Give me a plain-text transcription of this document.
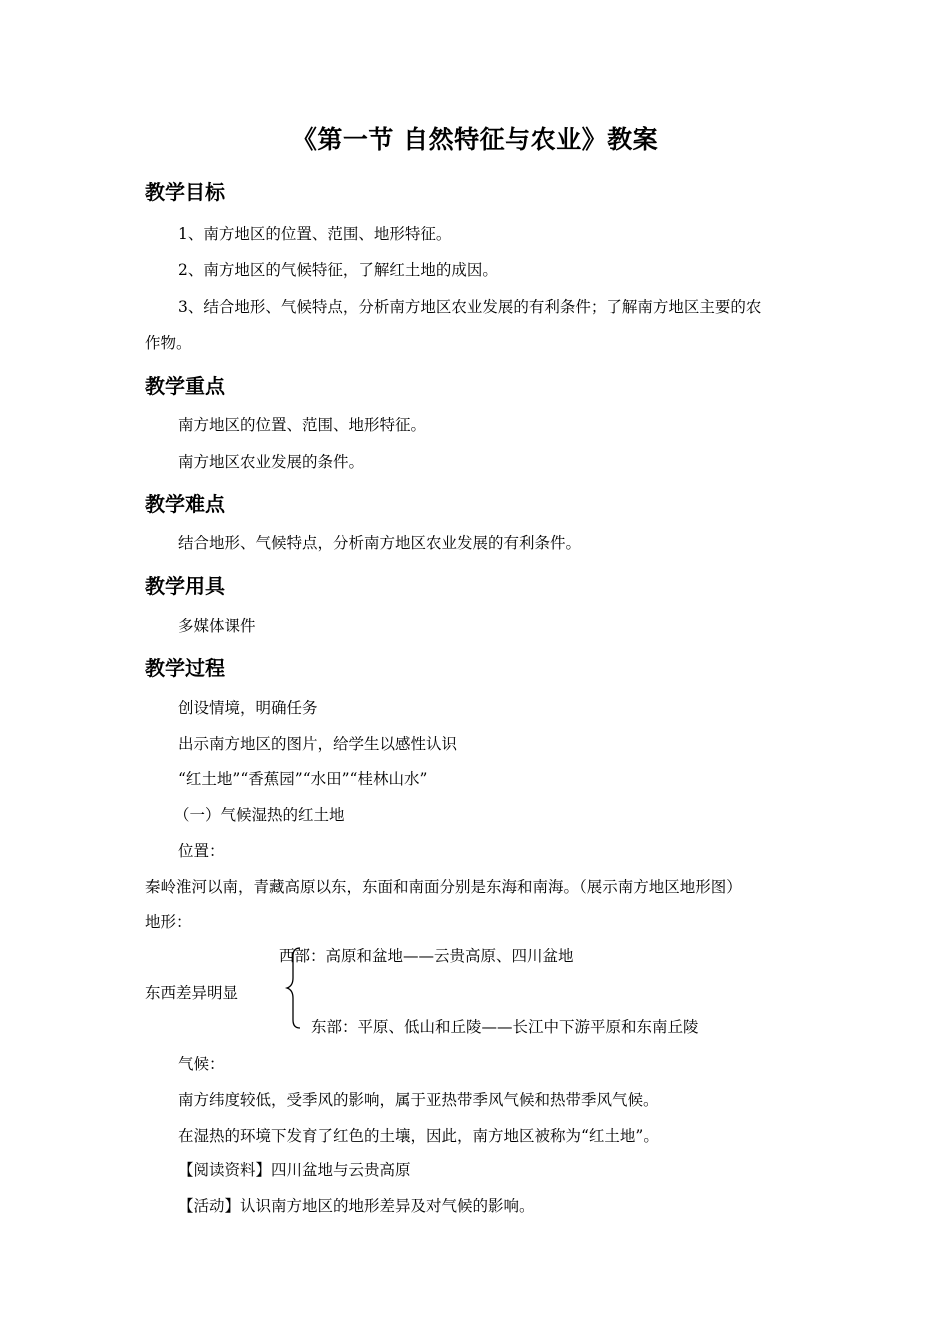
《第一节 自然特征与农业》教案
教学目标
1、南方地区的位置、范围、地形特征。
2、南方地区的气候特征，了解红土地的成因。
3、结合地形、气候特点，分析南方地区农业发展的有利条件；了解南方地区主要的农
作物。
教学重点
南方地区的位置、范围、地形特征。
南方地区农业发展的条件。
教学难点
结合地形、气候特点，分析南方地区农业发展的有利条件。
教学用具
多媒体课件
教学过程
创设情境，明确任务
出示南方地区的图片，给学生以感性认识
“红土地”“香蕉园”“水田”“桂林山水”
（一）气候湿热的红土地
位置：
秦岭淮河以南，青藏高原以东，东面和南面分别是东海和南海。（展示南方地区地形图）
地形：
西部：高原和盆地——云贵高原、四川盆地
东西差异明显
东部：平原、低山和丘陵——长江中下游平原和东南丘陵
气候：
南方纬度较低，受季风的影响，属于亚热带季风气候和热带季风气候。
在湿热的环境下发育了红色的土壤，因此，南方地区被称为“红土地”。
【阅读资料】四川盆地与云贵高原
【活动】认识南方地区的地形差异及对气候的影响。
